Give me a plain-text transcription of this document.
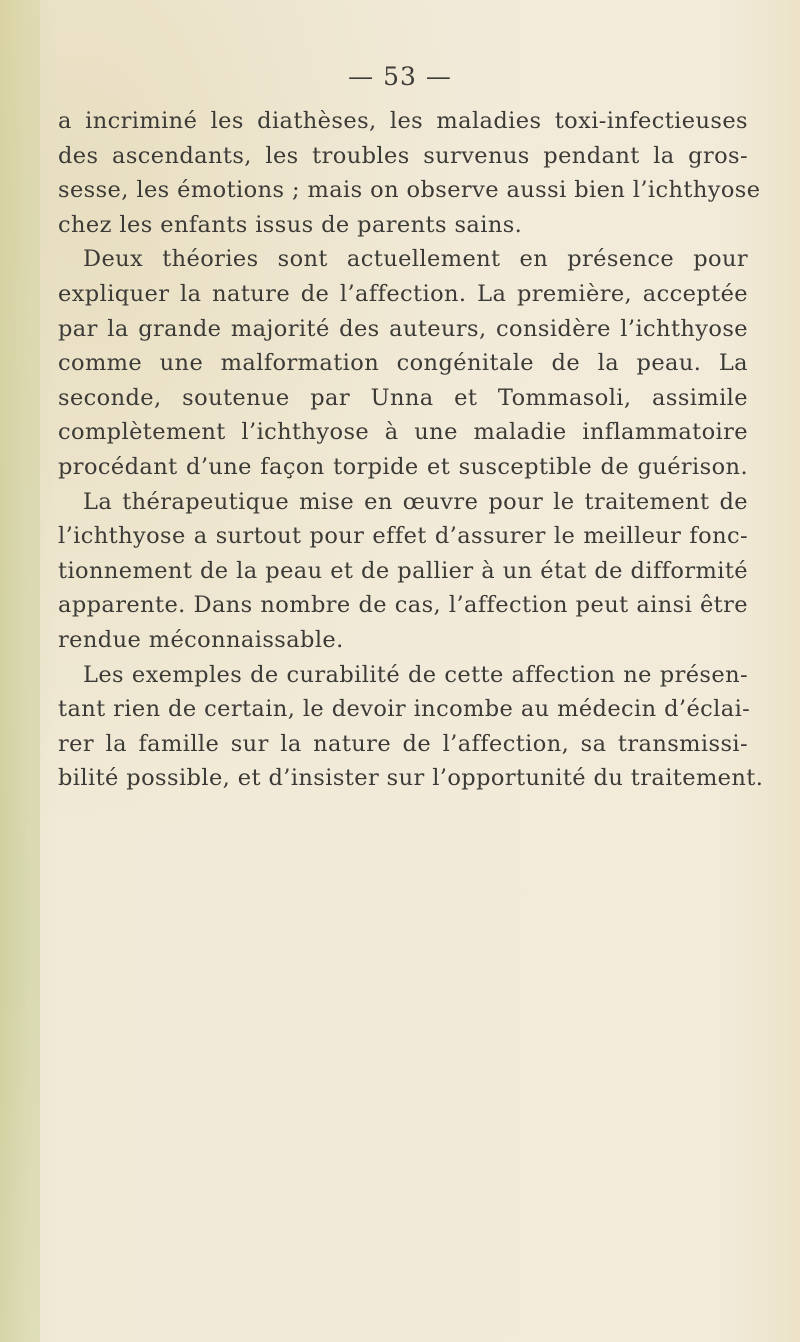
— 53 —
a incriminé les diathèses, les maladies toxi-infectieuses
des ascendants, les troubles survenus pendant la gros-
sesse, les émotions ; mais on observe aussi bien l’ichthyose
chez les enfants issus de parents sains.
Deux théories sont actuellement en présence pour
expliquer la nature de l’affection. La première, acceptée
par la grande majorité des auteurs, considère l’ichthyose
comme une malformation congénitale de la peau. La
seconde, soutenue par Unna et Tommasoli, assimile
complètement l’ichthyose à une maladie inflammatoire
procédant d’une façon torpide et susceptible de guérison.
La thérapeutique mise en œuvre pour le traitement de
l’ichthyose a surtout pour effet d’assurer le meilleur fonc-
tionnement de la peau et de pallier à un état de difformité
apparente. Dans nombre de cas, l’affection peut ainsi être
rendue méconnaissable.
Les exemples de curabilité de cette affection ne présen-
tant rien de certain, le devoir incombe au médecin d’éclai-
rer la famille sur la nature de l’affection, sa transmissi-
bilité possible, et d’insister sur l’opportunité du traitement.
